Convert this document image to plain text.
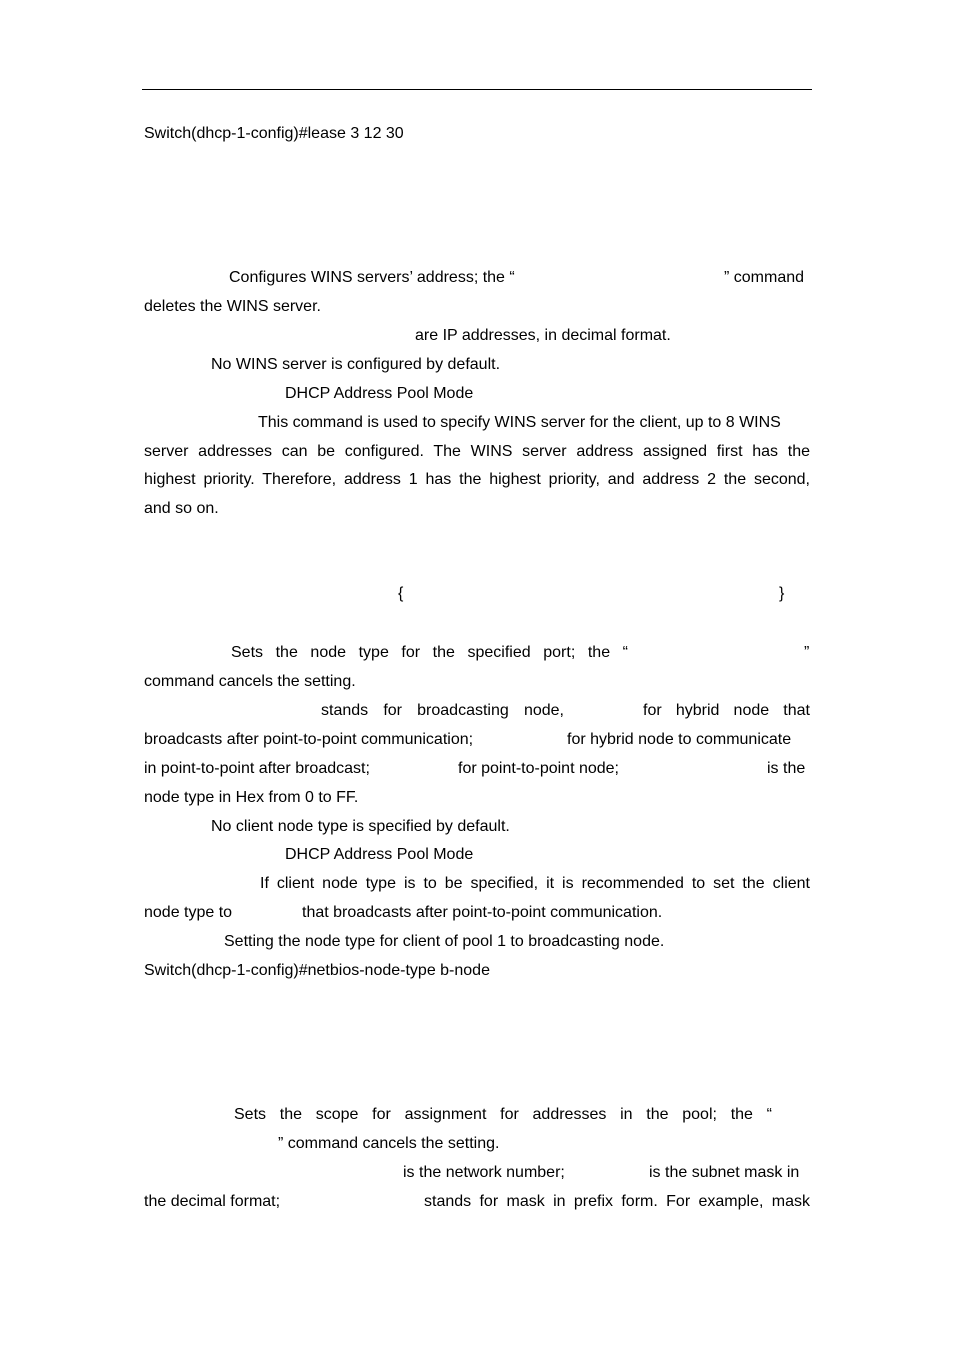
Switch(dhcp-1-config)#lease 3 12 30
Configures WINS servers’ address; the “	” command
deletes the WINS server.
are IP addresses, in decimal format.
No WINS server is configured by default.
DHCP Address Pool Mode
This command is used to specify WINS server for the client, up to 8 WINS
server addresses can be configured. The WINS server address assigned first has the
highest priority. Therefore, address 1 has the highest priority, and address 2 the second,
and so on.
{	}
Sets the node type for the specified port; the “	”
command cancels the setting.
stands for broadcasting node,	for hybrid node that
broadcasts after point-to-point communication;	for hybrid node to communicate
in point-to-point after broadcast;	for point-to-point node;	is the
node type in Hex from 0 to FF.
No client node type is specified by default.
DHCP Address Pool Mode
If client node type is to be specified, it is recommended to set the client
node type to	that broadcasts after point-to-point communication.
Setting the node type for client of pool 1 to broadcasting node.
Switch(dhcp-1-config)#netbios-node-type b-node
Sets the scope for assignment for addresses in the pool; the “
” command cancels the setting.
is the network number;	is the subnet mask in
the decimal format;	stands for mask in prefix form. For example, mask
